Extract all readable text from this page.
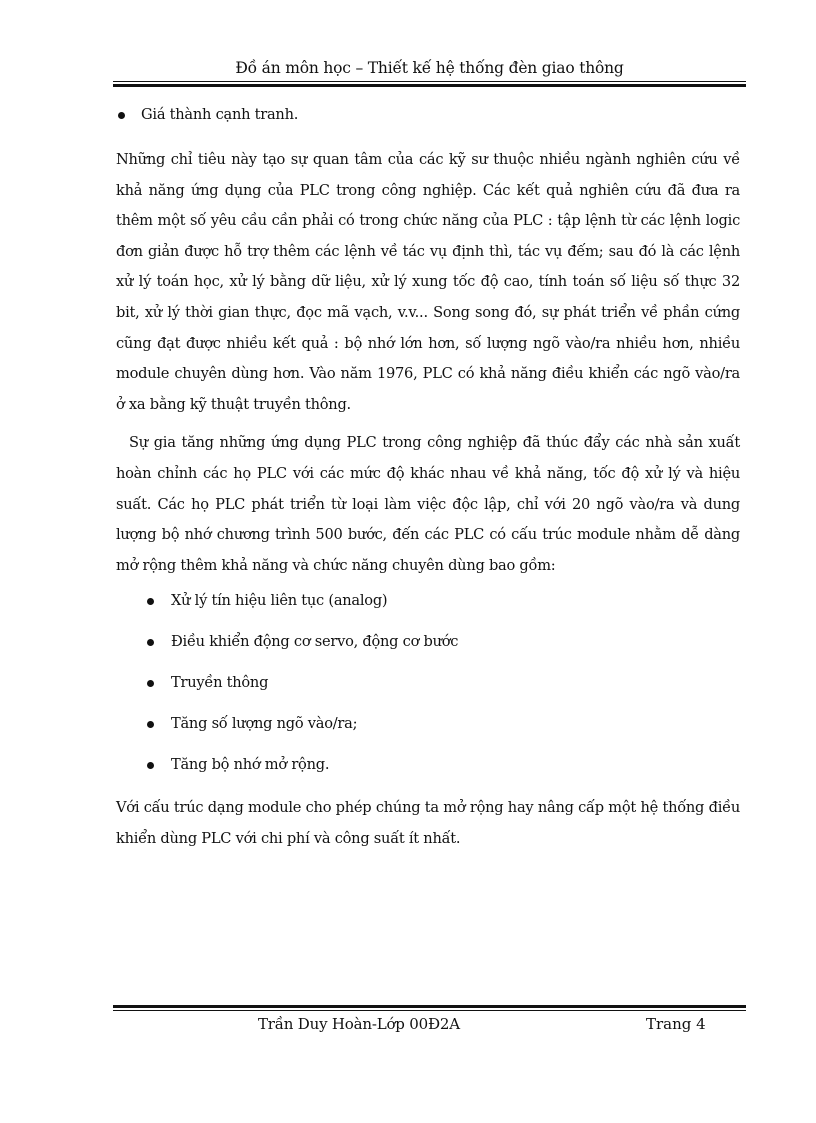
Đồ án môn học – Thiết kế hệ thống đèn giao thông
Giá thành cạnh tranh.

Những chỉ tiêu này tạo sự quan tâm của các kỹ sư thuộc nhiều ngành nghiên cứu về khả năng ứng dụng của PLC trong công nghiệp. Các kết quả nghiên cứu đã đưa ra thêm một số yêu cầu cần phải có trong chức năng của PLC : tập lệnh từ các lệnh logic đơn giản được hỗ trợ thêm các lệnh về tác vụ định thì, tác vụ đếm; sau đó là các lệnh xử lý toán học, xử lý bằng dữ liệu, xử lý xung tốc độ cao, tính toán số liệu số thực 32 bit, xử lý thời gian thực, đọc mã vạch, v.v... Song song đó, sự phát triển về phần cứng cũng đạt được nhiều kết quả : bộ nhớ lớn hơn, số lượng ngõ vào/ra nhiều hơn, nhiều module chuyên dùng hơn. Vào năm 1976, PLC có khả năng điều khiển các ngõ vào/ra ở xa bằng kỹ thuật truyền thông.

Sự gia tăng những ứng dụng PLC trong công nghiệp đã thúc đẩy các nhà sản xuất hoàn chỉnh các họ PLC với các mức độ khác nhau về khả năng, tốc độ xử lý và hiệu suất. Các họ PLC phát triển từ loại làm việc độc lập, chỉ với 20 ngõ vào/ra và dung lượng bộ nhớ chương trình 500 bước, đến các PLC có cấu trúc module nhằm dễ dàng mở rộng thêm khả năng và chức năng chuyên dùng bao gồm:

Xử lý tín hiệu liên tục (analog)
Điều khiển động cơ servo, động cơ bước
Truyền thông
Tăng số lượng ngõ vào/ra;
Tăng bộ nhớ mở rộng.

Với cấu trúc dạng module cho phép chúng ta mở rộng hay nâng cấp một hệ thống điều khiển dùng PLC với chi phí và công suất ít nhất.

Trần Duy Hoàn-Lớp 00Đ2A	Trang 4
